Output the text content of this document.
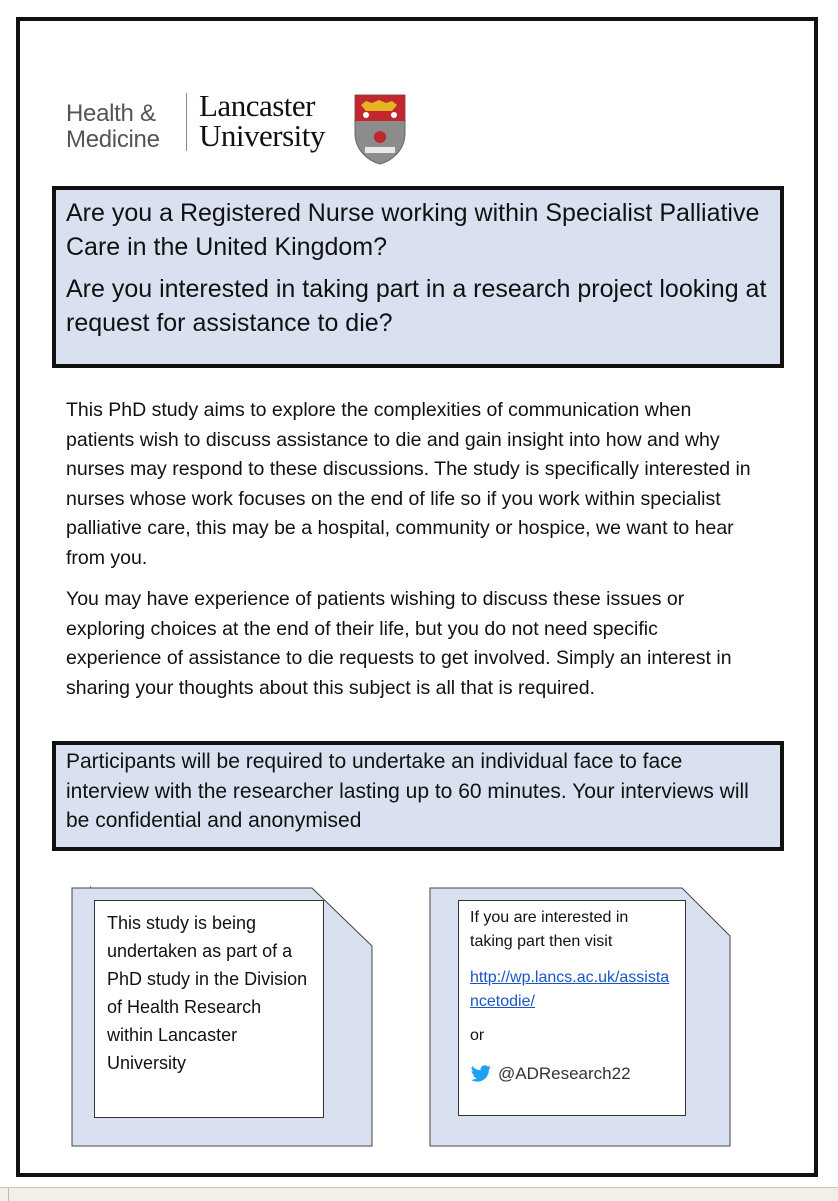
Health &
Medicine
Lancaster
University

Are you a Registered Nurse working within Specialist Palliative Care in the United Kingdom?

Are you interested in taking part in a research project looking at request for assistance to die?

This PhD study aims to explore the complexities of communication when patients wish to discuss assistance to die and gain insight into how and why nurses may respond to these discussions. The study is specifically interested in nurses whose work focuses on the end of life so if you work within specialist palliative care, this may be a hospital, community or hospice, we want to hear from you.

You may have experience of patients wishing to discuss these issues or exploring choices at the end of their life, but you do not need specific experience of assistance to die requests to get involved. Simply an interest in sharing your thoughts about this subject is all that is required.

Participants will be required to undertake an individual face to face interview with the researcher lasting up to 60 minutes. Your interviews will be confidential and anonymised

This study is being undertaken as part of a PhD study in the Division of Health Research within Lancaster University

If you are interested in taking part then visit

http://wp.lancs.ac.uk/assistancetodie/

or

@ADResearch22
